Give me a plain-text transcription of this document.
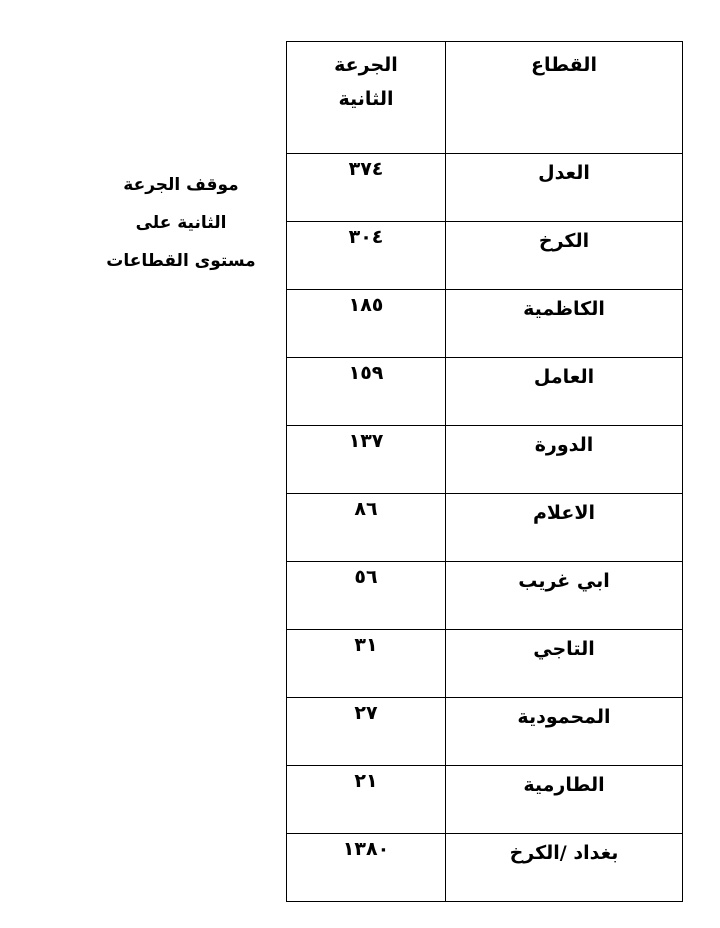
موقف الجرعة
الثانية على
مستوى القطاعات
القطاع	الجرعة
الثانية
العدل	٣٧٤
الكرخ	٣٠٤
الكاظمية	١٨٥
العامل	١٥٩
الدورة	١٣٧
الاعلام	٨٦
ابي غريب	٥٦
التاجي	٣١
المحمودية	٢٧
الطارمية	٢١
بغداد /الكرخ	١٣٨٠
